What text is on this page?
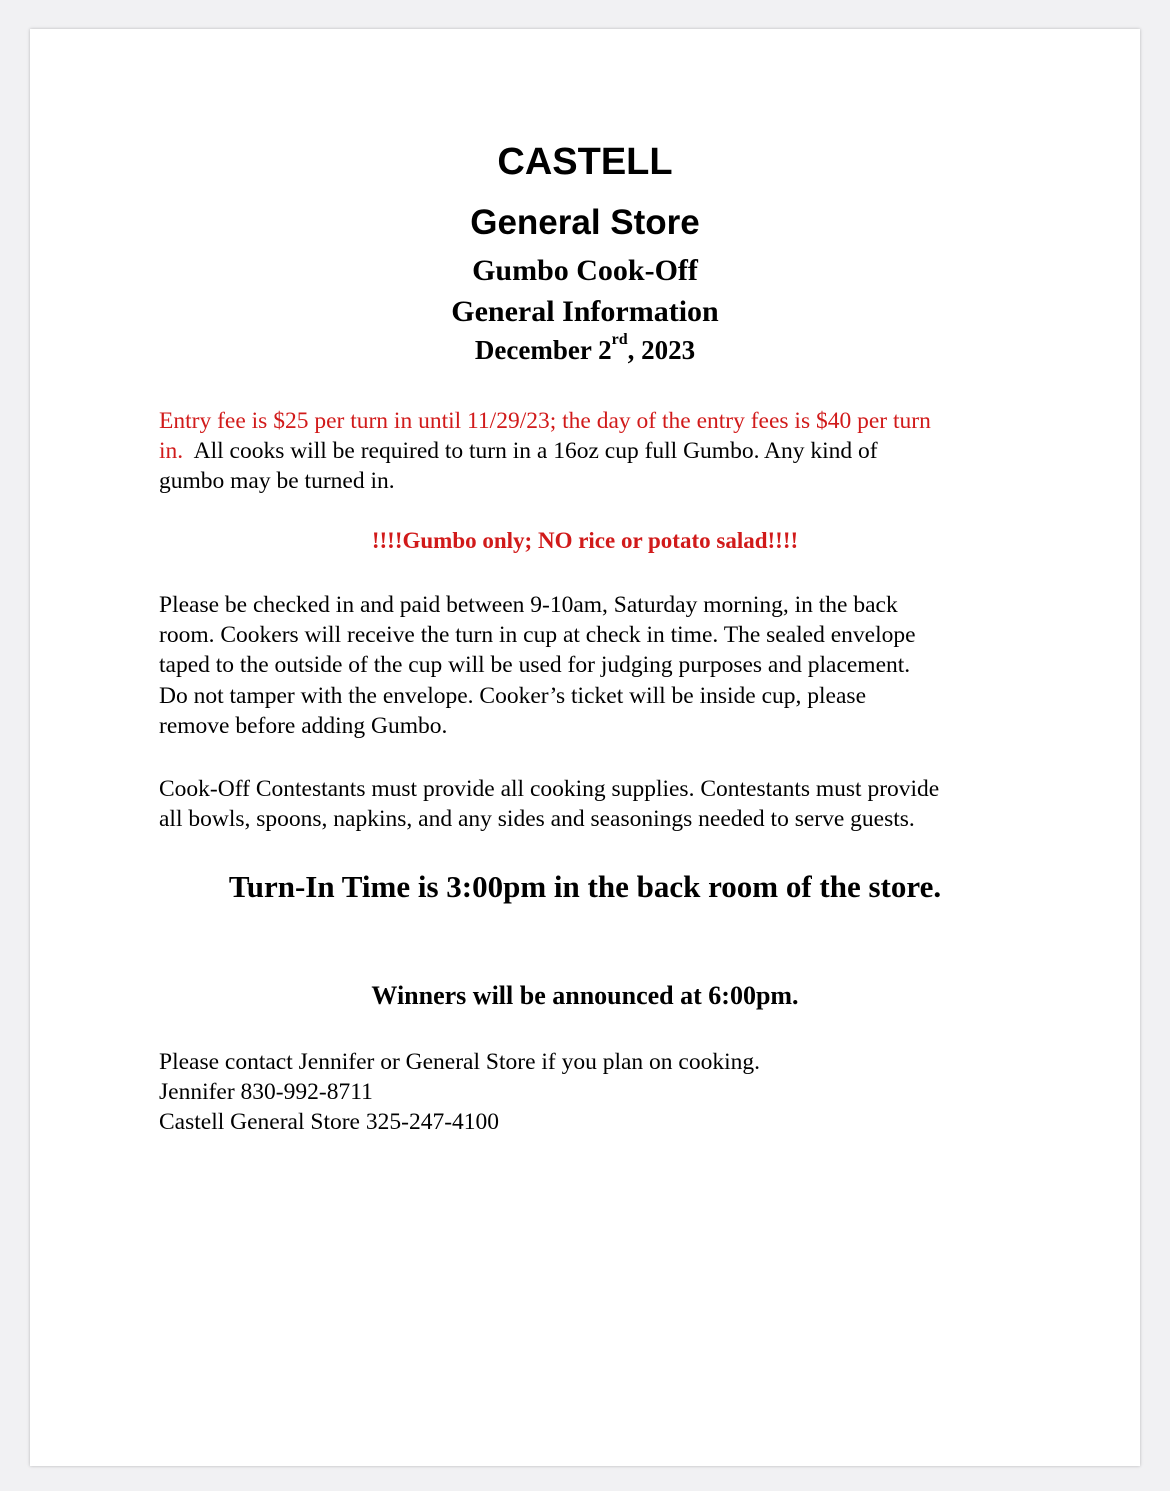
CASTELL
General Store
Gumbo Cook-Off
General Information
December 2rd, 2023
Entry fee is $25 per turn in until 11/29/23; the day of the entry fees is $40 per turn
in.  All cooks will be required to turn in a 16oz cup full Gumbo. Any kind of
gumbo may be turned in.
!!!!Gumbo only; NO rice or potato salad!!!!
Please be checked in and paid between 9-10am, Saturday morning, in the back
room. Cookers will receive the turn in cup at check in time. The sealed envelope
taped to the outside of the cup will be used for judging purposes and placement.
Do not tamper with the envelope. Cooker’s ticket will be inside cup, please
remove before adding Gumbo.
Cook-Off Contestants must provide all cooking supplies. Contestants must provide
all bowls, spoons, napkins, and any sides and seasonings needed to serve guests.
Turn-In Time is 3:00pm in the back room of the store.
Winners will be announced at 6:00pm.
Please contact Jennifer or General Store if you plan on cooking.
Jennifer 830-992-8711
Castell General Store 325-247-4100
